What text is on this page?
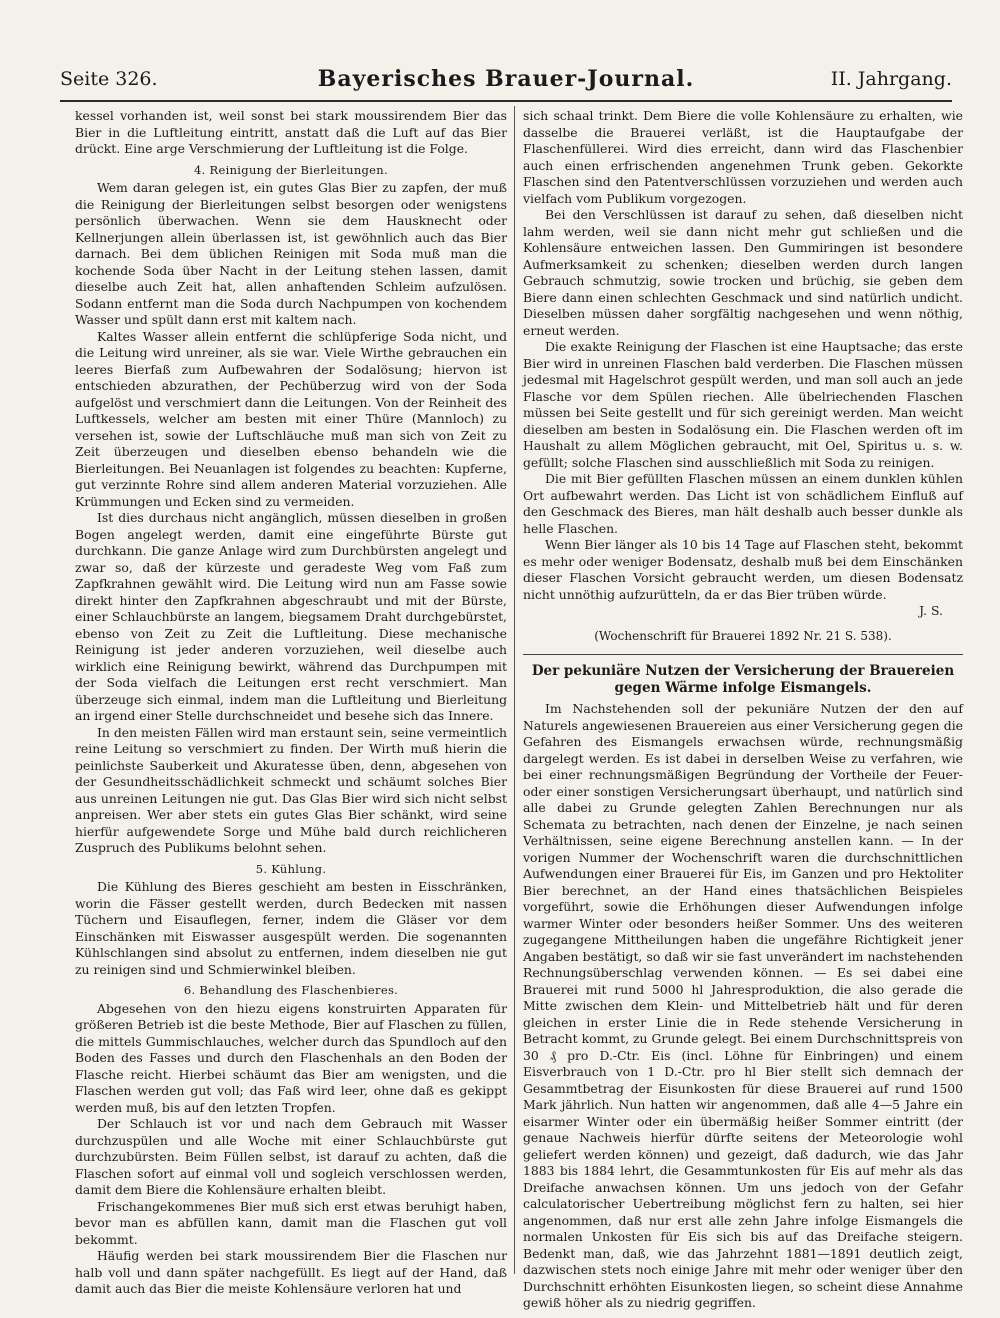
Seite 326.	Bayerisches Brauer-Journal.	II. Jahrgang.

kessel vorhanden ist, weil sonst bei stark moussirendem Bier das Bier in die Luftleitung eintritt, anstatt daß die Luft auf das Bier drückt. Eine arge Verschmierung der Luftleitung ist die Folge.

4. Reinigung der Bierleitungen.

Wem daran gelegen ist, ein gutes Glas Bier zu zapfen, der muß die Reinigung der Bierleitungen selbst besorgen oder wenigstens persönlich überwachen. Wenn sie dem Hausknecht oder Kellnerjungen allein überlassen ist, ist gewöhnlich auch das Bier darnach. Bei dem üblichen Reinigen mit Soda muß man die kochende Soda über Nacht in der Leitung stehen lassen, damit dieselbe auch Zeit hat, allen anhaftenden Schleim aufzulösen. Sodann entfernt man die Soda durch Nachpumpen von kochendem Wasser und spült dann erst mit kaltem nach.

Kaltes Wasser allein entfernt die schlüpferige Soda nicht, und die Leitung wird unreiner, als sie war. Viele Wirthe gebrauchen ein leeres Bierfaß zum Aufbewahren der Sodalösung; hiervon ist entschieden abzurathen, der Pechüberzug wird von der Soda aufgelöst und verschmiert dann die Leitungen. Von der Reinheit des Luftkessels, welcher am besten mit einer Thüre (Mannloch) zu versehen ist, sowie der Luftschläuche muß man sich von Zeit zu Zeit überzeugen und dieselben ebenso behandeln wie die Bierleitungen. Bei Neuanlagen ist folgendes zu beachten: Kupferne, gut verzinnte Rohre sind allem anderen Material vorzuziehen. Alle Krümmungen und Ecken sind zu vermeiden.

Ist dies durchaus nicht angänglich, müssen dieselben in großen Bogen angelegt werden, damit eine eingeführte Bürste gut durchkann. Die ganze Anlage wird zum Durchbürsten angelegt und zwar so, daß der kürzeste und geradeste Weg vom Faß zum Zapfkrahnen gewählt wird. Die Leitung wird nun am Fasse sowie direkt hinter den Zapfkrahnen abgeschraubt und mit der Bürste, einer Schlauchbürste an langem, biegsamem Draht durchgebürstet, ebenso von Zeit zu Zeit die Luftleitung. Diese mechanische Reinigung ist jeder anderen vorzuziehen, weil dieselbe auch wirklich eine Reinigung bewirkt, während das Durchpumpen mit der Soda vielfach die Leitungen erst recht verschmiert. Man überzeuge sich einmal, indem man die Luftleitung und Bierleitung an irgend einer Stelle durchschneidet und besehe sich das Innere.

In den meisten Fällen wird man erstaunt sein, seine vermeintlich reine Leitung so verschmiert zu finden. Der Wirth muß hierin die peinlichste Sauberkeit und Akuratesse üben, denn, abgesehen von der Gesundheitsschädlichkeit schmeckt und schäumt solches Bier aus unreinen Leitungen nie gut. Das Glas Bier wird sich nicht selbst anpreisen. Wer aber stets ein gutes Glas Bier schänkt, wird seine hierfür aufgewendete Sorge und Mühe bald durch reichlicheren Zuspruch des Publikums belohnt sehen.

5. Kühlung.

Die Kühlung des Bieres geschieht am besten in Eisschränken, worin die Fässer gestellt werden, durch Bedecken mit nassen Tüchern und Eisauflegen, ferner, indem die Gläser vor dem Einschänken mit Eiswasser ausgespült werden. Die sogenannten Kühlschlangen sind absolut zu entfernen, indem dieselben nie gut zu reinigen sind und Schmierwinkel bleiben.

6. Behandlung des Flaschenbieres.

Abgesehen von den hiezu eigens konstruirten Apparaten für größeren Betrieb ist die beste Methode, Bier auf Flaschen zu füllen, die mittels Gummischlauches, welcher durch das Spundloch auf den Boden des Fasses und durch den Flaschenhals an den Boden der Flasche reicht. Hierbei schäumt das Bier am wenigsten, und die Flaschen werden gut voll; das Faß wird leer, ohne daß es gekippt werden muß, bis auf den letzten Tropfen.

Der Schlauch ist vor und nach dem Gebrauch mit Wasser durchzuspülen und alle Woche mit einer Schlauchbürste gut durchzubürsten. Beim Füllen selbst, ist darauf zu achten, daß die Flaschen sofort auf einmal voll und sogleich verschlossen werden, damit dem Biere die Kohlensäure erhalten bleibt.

Frischangekommenes Bier muß sich erst etwas beruhigt haben, bevor man es abfüllen kann, damit man die Flaschen gut voll bekommt.

Häufig werden bei stark moussirendem Bier die Flaschen nur halb voll und dann später nachgefüllt. Es liegt auf der Hand, daß damit auch das Bier die meiste Kohlensäure verloren hat und

sich schaal trinkt. Dem Biere die volle Kohlensäure zu erhalten, wie dasselbe die Brauerei verläßt, ist die Hauptaufgabe der Flaschenfüllerei. Wird dies erreicht, dann wird das Flaschenbier auch einen erfrischenden angenehmen Trunk geben. Gekorkte Flaschen sind den Patentverschlüssen vorzuziehen und werden auch vielfach vom Publikum vorgezogen.

Bei den Verschlüssen ist darauf zu sehen, daß dieselben nicht lahm werden, weil sie dann nicht mehr gut schließen und die Kohlensäure entweichen lassen. Den Gummiringen ist besondere Aufmerksamkeit zu schenken; dieselben werden durch langen Gebrauch schmutzig, sowie trocken und brüchig, sie geben dem Biere dann einen schlechten Geschmack und sind natürlich undicht. Dieselben müssen daher sorgfältig nachgesehen und wenn nöthig, erneut werden.

Die exakte Reinigung der Flaschen ist eine Hauptsache; das erste Bier wird in unreinen Flaschen bald verderben. Die Flaschen müssen jedesmal mit Hagelschrot gespült werden, und man soll auch an jede Flasche vor dem Spülen riechen. Alle übelriechenden Flaschen müssen bei Seite gestellt und für sich gereinigt werden. Man weicht dieselben am besten in Sodalösung ein. Die Flaschen werden oft im Haushalt zu allem Möglichen gebraucht, mit Oel, Spiritus u. s. w. gefüllt; solche Flaschen sind ausschließlich mit Soda zu reinigen.

Die mit Bier gefüllten Flaschen müssen an einem dunklen kühlen Ort aufbewahrt werden. Das Licht ist von schädlichem Einfluß auf den Geschmack des Bieres, man hält deshalb auch besser dunkle als helle Flaschen.

Wenn Bier länger als 10 bis 14 Tage auf Flaschen steht, bekommt es mehr oder weniger Bodensatz, deshalb muß bei dem Einschänken dieser Flaschen Vorsicht gebraucht werden, um diesen Bodensatz nicht unnöthig aufzurütteln, da er das Bier trüben würde.

J. S.

(Wochenschrift für Brauerei 1892 Nr. 21 S. 538).

Der pekuniäre Nutzen der Versicherung der Brauereien gegen Wärme infolge Eismangels.

Im Nachstehenden soll der pekuniäre Nutzen der den auf Naturels angewiesenen Brauereien aus einer Versicherung gegen die Gefahren des Eismangels erwachsen würde, rechnungsmäßig dargelegt werden. Es ist dabei in derselben Weise zu verfahren, wie bei einer rechnungsmäßigen Begründung der Vortheile der Feuer- oder einer sonstigen Versicherungsart überhaupt, und natürlich sind alle dabei zu Grunde gelegten Zahlen Berechnungen nur als Schemata zu betrachten, nach denen der Einzelne, je nach seinen Verhältnissen, seine eigene Berechnung anstellen kann. — In der vorigen Nummer der Wochenschrift waren die durchschnittlichen Aufwendungen einer Brauerei für Eis, im Ganzen und pro Hektoliter Bier berechnet, an der Hand eines thatsächlichen Beispieles vorgeführt, sowie die Erhöhungen dieser Aufwendungen infolge warmer Winter oder besonders heißer Sommer. Uns des weiteren zugegangene Mittheilungen haben die ungefähre Richtigkeit jener Angaben bestätigt, so daß wir sie fast unverändert im nachstehenden Rechnungsüberschlag verwenden können. — Es sei dabei eine Brauerei mit rund 5000 hl Jahresproduktion, die also gerade die Mitte zwischen dem Klein- und Mittelbetrieb hält und für deren gleichen in erster Linie die in Rede stehende Versicherung in Betracht kommt, zu Grunde gelegt. Bei einem Durchschnittspreis von 30 ₰ pro D.-Ctr. Eis (incl. Löhne für Einbringen) und einem Eisverbrauch von 1 D.-Ctr. pro hl Bier stellt sich demnach der Gesammtbetrag der Eisunkosten für diese Brauerei auf rund 1500 Mark jährlich. Nun hatten wir angenommen, daß alle 4—5 Jahre ein eisarmer Winter oder ein übermäßig heißer Sommer eintritt (der genaue Nachweis hierfür dürfte seitens der Meteorologie wohl geliefert werden können) und gezeigt, daß dadurch, wie das Jahr 1883 bis 1884 lehrt, die Gesammtunkosten für Eis auf mehr als das Dreifache anwachsen können. Um uns jedoch von der Gefahr calculatorischer Uebertreibung möglichst fern zu halten, sei hier angenommen, daß nur erst alle zehn Jahre infolge Eismangels die normalen Unkosten für Eis sich bis auf das Dreifache steigern. Bedenkt man, daß, wie das Jahrzehnt 1881—1891 deutlich zeigt, dazwischen stets noch einige Jahre mit mehr oder weniger über den Durchschnitt erhöhten Eisunkosten liegen, so scheint diese Annahme gewiß höher als zu niedrig gegriffen.
